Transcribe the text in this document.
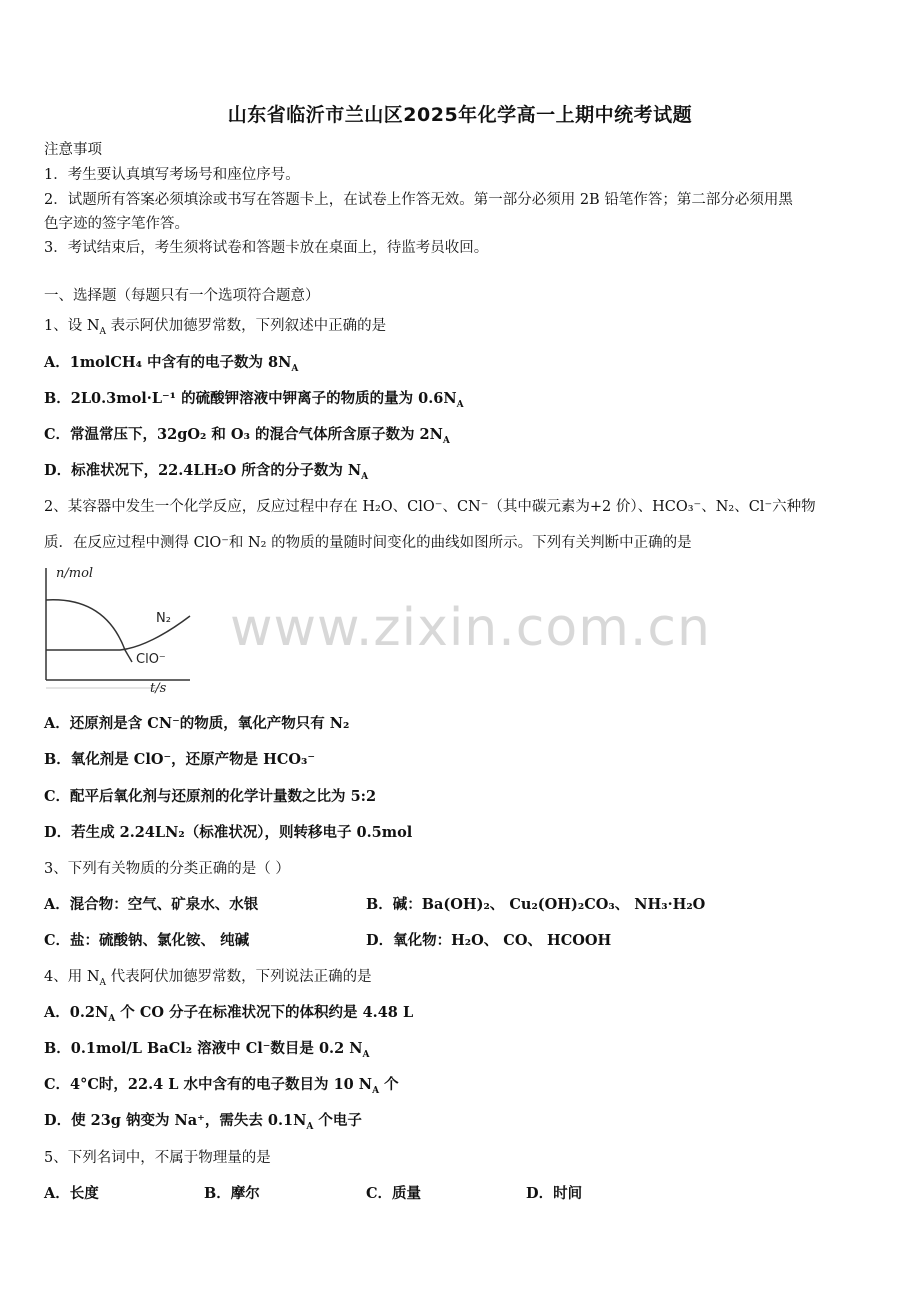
山东省临沂市兰山区2025年化学高一上期中统考试题
注意事项
1．考生要认真填写考场号和座位序号。
2．试题所有答案必须填涂或书写在答题卡上，在试卷上作答无效。第一部分必须用 2B 铅笔作答；第二部分必须用黑
色字迹的签字笔作答。
3．考试结束后，考生须将试卷和答题卡放在桌面上，待监考员收回。
一、选择题（每题只有一个选项符合题意）
1、设 $N_A$ 表示阿伏加德罗常数，下列叙述中正确的是
A．1molCH₄ 中含有的电子数为 $8N_A$
B．2L0.3mol·L⁻¹ 的硫酸钾溶液中钾离子的物质的量为 $0.6N_A$
C．常温常压下，32gO₂ 和 O₃ 的混合气体所含原子数为 $2N_A$
D．标准状况下，22.4LH₂O 所含的分子数为 $N_A$
2、某容器中发生一个化学反应，反应过程中存在 H₂O、ClO⁻、CN⁻（其中碳元素为+2 价）、HCO₃⁻、N₂、Cl⁻六种物
质．在反应过程中测得 ClO⁻和 N₂ 的物质的量随时间变化的曲线如图所示。下列有关判断中正确的是
n/mol
t/s
N₂
ClO⁻
www.zixin.com.cn
A．还原剂是含 CN⁻的物质，氧化产物只有 N₂
B．氧化剂是 ClO⁻，还原产物是 HCO₃⁻
C．配平后氧化剂与还原剂的化学计量数之比为 5:2
D．若生成 2.24LN₂（标准状况），则转移电子 0.5mol
3、下列有关物质的分类正确的是（ ）
A．混合物：空气、矿泉水、水银	B．碱：Ba(OH)₂、 Cu₂(OH)₂CO₃、 NH₃·H₂O
C．盐：硫酸钠、氯化铵、 纯碱	D．氧化物：H₂O、 CO、 HCOOH
4、用 $N_A$ 代表阿伏加德罗常数，下列说法正确的是
A．$0.2N_A$ 个 CO 分子在标准状况下的体积约是 4.48 L
B．0.1mol/L BaCl₂ 溶液中 Cl⁻数目是 0.2 $N_A$
C．4°C时，22.4 L 水中含有的电子数目为 10 $N_A$ 个
D．使 23g 钠变为 Na⁺，需失去 $0.1N_A$ 个电子
5、下列名词中，不属于物理量的是
A．长度	B．摩尔	C．质量	D．时间
